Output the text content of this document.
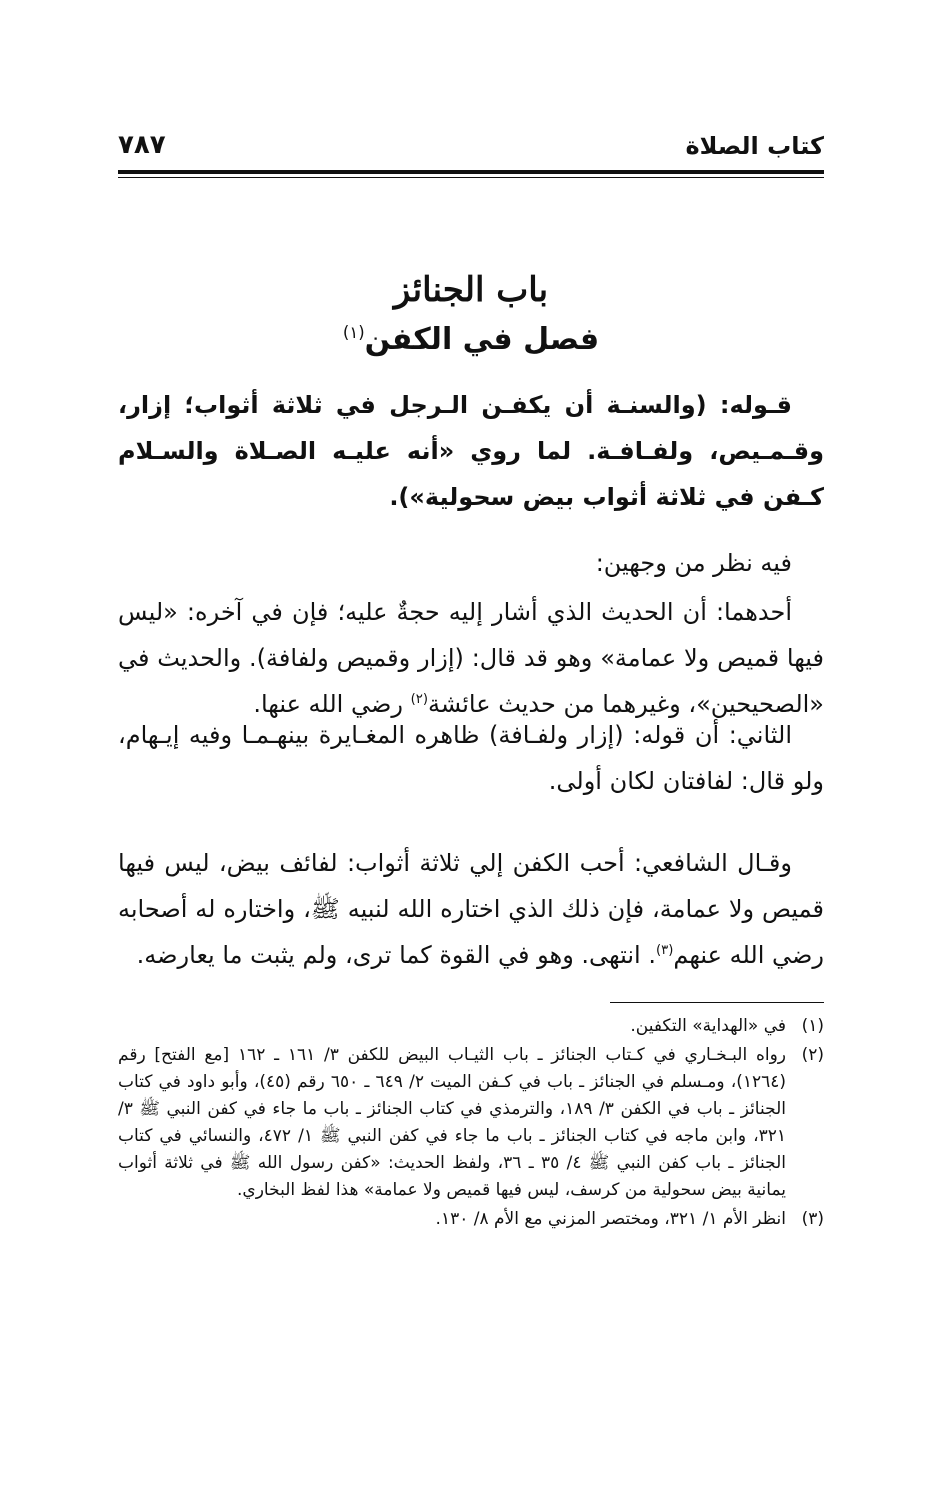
كتاب الصلاة
٧٨٧
باب الجنائز
فصل في الكفن$^{(١)}$

قـوله: (والسنـة أن يكفـن الـرجل في ثلاثة أثواب؛ إزار، وقـمـيص، ولفـافـة. لما روي «أنه عليـه الصـلاة والسـلام كـفن في ثلاثة أثواب بيض سحولية»).

فيه نظر من وجهين:

أحدهما: أن الحديث الذي أشار إليه حجةٌ عليه؛ فإن في آخره: «ليس فيها قميص ولا عمامة» وهو قد قال: (إزار وقميص ولفافة). والحديث في «الصحيحين»، وغيرهما من حديث عائشة$^{(٢)}$ رضي الله عنها.

الثاني: أن قوله: (إزار ولفـافة) ظاهره المغـايرة بينهـمـا وفيه إيـهام، ولو قال: لفافتان لكان أولى.

وقـال الشافعي: أحب الكفن إلي ثلاثة أثواب: لفائف بيض، ليس فيها قميص ولا عمامة، فإن ذلك الذي اختاره الله لنبيه ﷺ، واختاره له أصحابه رضي الله عنهم$^{(٣)}$. انتهى. وهو في القوة كما ترى، ولم يثبت ما يعارضه.

(١)في «الهداية» التكفين.

(٢)رواه البـخـاري في كـتاب الجنائز ـ باب الثيـاب البيض للكفن ٣/ ١٦١ ـ ١٦٢ [مع الفتح] رقم (١٢٦٤)، ومـسلم في الجنائز ـ باب في كـفن الميت ٢/ ٦٤٩ ـ ٦٥٠ رقم (٤٥)، وأبو داود في كتاب الجنائز ـ باب في الكفن ٣/ ١٨٩، والترمذي في كتاب الجنائز ـ باب ما جاء في كفن النبي ﷺ ٣/ ٣٢١، وابن ماجه في كتاب الجنائز ـ باب ما جاء في كفن النبي ﷺ ١/ ٤٧٢، والنسائي في كتاب الجنائز ـ باب كفن النبي ﷺ ٤/ ٣٥ ـ ٣٦، ولفظ الحديث: «كفن رسول الله ﷺ في ثلاثة أثواب يمانية بيض سحولية من كرسف، ليس فيها قميص ولا عمامة» هذا لفظ البخاري.

(٣)انظر الأم ١/ ٣٢١، ومختصر المزني مع الأم ٨/ ١٣٠.
